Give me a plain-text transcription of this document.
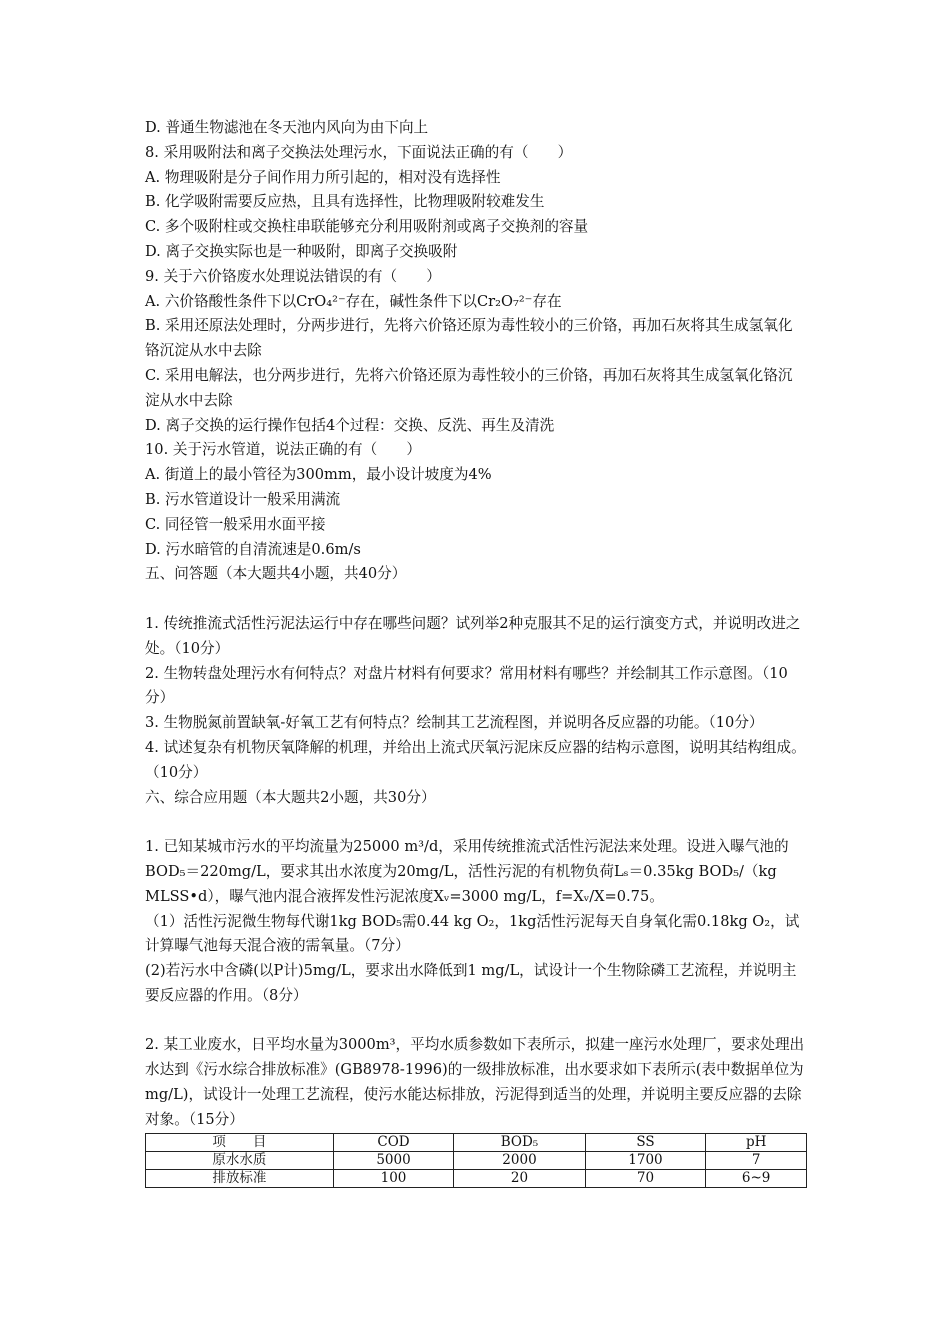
D. 普通生物滤池在冬天池内风向为由下向上

8. 采用吸附法和离子交换法处理污水，下面说法正确的有（　　）

A. 物理吸附是分子间作用力所引起的，相对没有选择性

B. 化学吸附需要反应热，且具有选择性，比物理吸附较难发生

C. 多个吸附柱或交换柱串联能够充分利用吸附剂或离子交换剂的容量

D. 离子交换实际也是一种吸附，即离子交换吸附

9. 关于六价铬废水处理说法错误的有（　　）

A. 六价铬酸性条件下以CrO₄²⁻存在，碱性条件下以Cr₂O₇²⁻存在

B. 采用还原法处理时，分两步进行，先将六价铬还原为毒性较小的三价铬，再加石灰将其生成氢氧化铬沉淀从水中去除

C. 采用电解法，也分两步进行，先将六价铬还原为毒性较小的三价铬，再加石灰将其生成氢氧化铬沉淀从水中去除

D. 离子交换的运行操作包括4个过程：交换、反洗、再生及清洗

10. 关于污水管道，说法正确的有（　　）

A. 街道上的最小管径为300mm，最小设计坡度为4%

B. 污水管道设计一般采用满流

C. 同径管一般采用水面平接

D. 污水暗管的自清流速是0.6m/s

五、问答题（本大题共4小题，共40分）

1. 传统推流式活性污泥法运行中存在哪些问题？试列举2种克服其不足的运行演变方式，并说明改进之处。（10分）

2. 生物转盘处理污水有何特点？对盘片材料有何要求？常用材料有哪些？并绘制其工作示意图。（10分）

3. 生物脱氮前置缺氧-好氧工艺有何特点？绘制其工艺流程图，并说明各反应器的功能。（10分）

4. 试述复杂有机物厌氧降解的机理，并给出上流式厌氧污泥床反应器的结构示意图，说明其结构组成。（10分）

六、综合应用题（本大题共2小题，共30分）

1. 已知某城市污水的平均流量为25000 m³/d，采用传统推流式活性污泥法来处理。设进入曝气池的BOD₅＝220mg/L，要求其出水浓度为20mg/L，活性污泥的有机物负荷Lₛ＝0.35kg BOD₅/（kg MLSS•d），曝气池内混合液挥发性污泥浓度Xᵥ=3000 mg/L，f=Xᵥ/X=0.75。

（1）活性污泥微生物每代谢1kg BOD₅需0.44 kg O₂，1kg活性污泥每天自身氧化需0.18kg O₂，试计算曝气池每天混合液的需氧量。（7分）

(2)若污水中含磷(以P计)5mg/L，要求出水降低到1 mg/L，试设计一个生物除磷工艺流程，并说明主要反应器的作用。（8分）

2. 某工业废水，日平均水量为3000m³，平均水质参数如下表所示，拟建一座污水处理厂，要求处理出水达到《污水综合排放标准》(GB8978-1996)的一级排放标准，出水要求如下表所示(表中数据单位为mg/L)，试设计一处理工艺流程，使污水能达标排放，污泥得到适当的处理，并说明主要反应器的去除对象。（15分）

项　　目	COD	BOD₅	SS	pH
原水水质	5000	2000	1700	7
排放标准	100	20	70	6~9
